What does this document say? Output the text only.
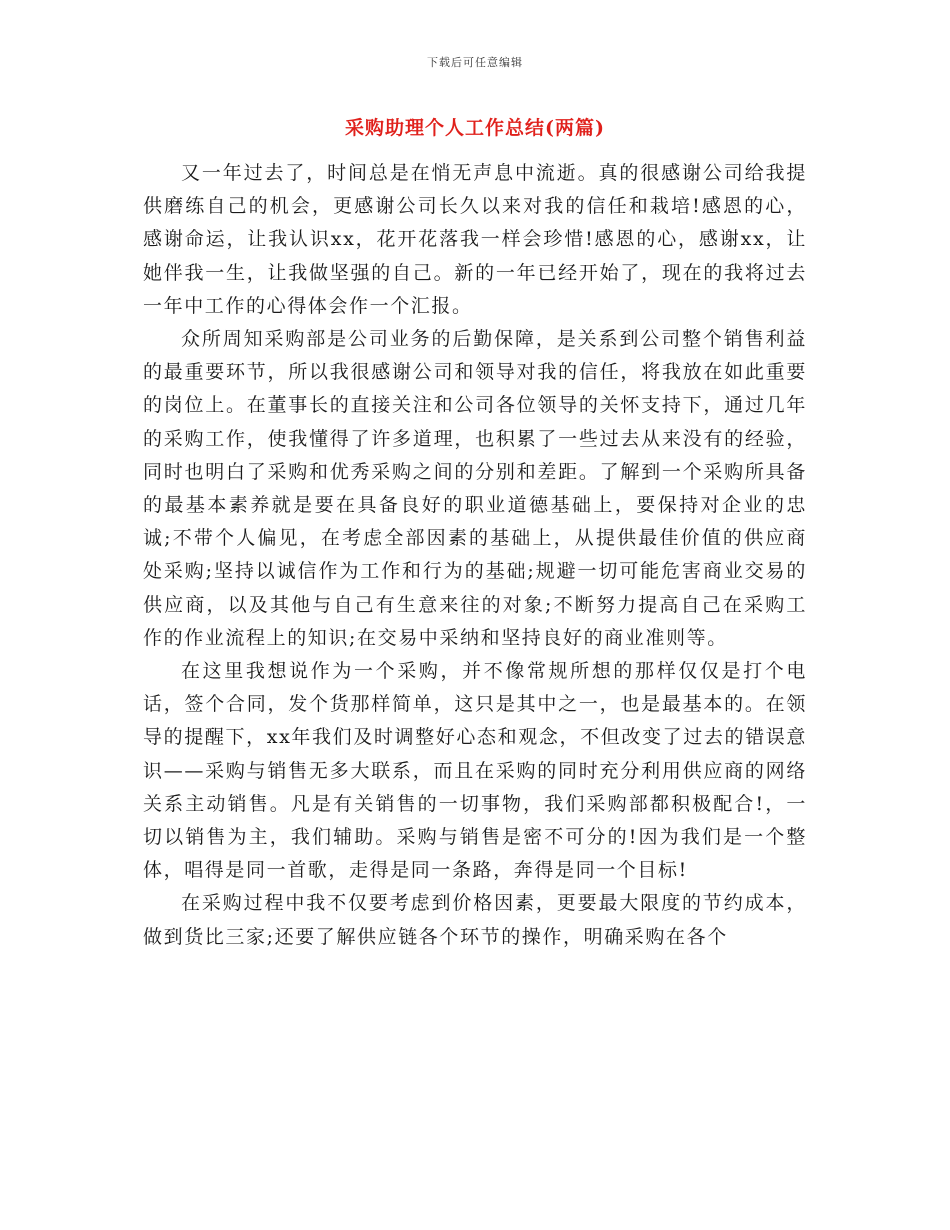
下载后可任意编辑
采购助理个人工作总结(两篇)

又一年过去了，时间总是在悄无声息中流逝。真的很感谢公司给我提供磨练自己的机会，更感谢公司长久以来对我的信任和栽培!感恩的心，感谢命运，让我认识xx，花开花落我一样会珍惜!感恩的心，感谢xx，让她伴我一生，让我做坚强的自己。新的一年已经开始了，现在的我将过去一年中工作的心得体会作一个汇报。

众所周知采购部是公司业务的后勤保障，是关系到公司整个销售利益的最重要环节，所以我很感谢公司和领导对我的信任，将我放在如此重要的岗位上。在董事长的直接关注和公司各位领导的关怀支持下，通过几年的采购工作，使我懂得了许多道理，也积累了一些过去从来没有的经验，同时也明白了采购和优秀采购之间的分别和差距。了解到一个采购所具备的最基本素养就是要在具备良好的职业道德基础上，要保持对企业的忠诚;不带个人偏见，在考虑全部因素的基础上，从提供最佳价值的供应商处采购;坚持以诚信作为工作和行为的基础;规避一切可能危害商业交易的供应商，以及其他与自己有生意来往的对象;不断努力提高自己在采购工作的作业流程上的知识;在交易中采纳和坚持良好的商业准则等。

在这里我想说作为一个采购，并不像常规所想的那样仅仅是打个电话，签个合同，发个货那样简单，这只是其中之一，也是最基本的。在领导的提醒下，xx年我们及时调整好心态和观念，不但改变了过去的错误意识——采购与销售无多大联系，而且在采购的同时充分利用供应商的网络关系主动销售。凡是有关销售的一切事物，我们采购部都积极配合!，一切以销售为主，我们辅助。采购与销售是密不可分的!因为我们是一个整体，唱得是同一首歌，走得是同一条路，奔得是同一个目标!

在采购过程中我不仅要考虑到价格因素，更要最大限度的节约成本，做到货比三家;还要了解供应链各个环节的操作，明确采购在各个
